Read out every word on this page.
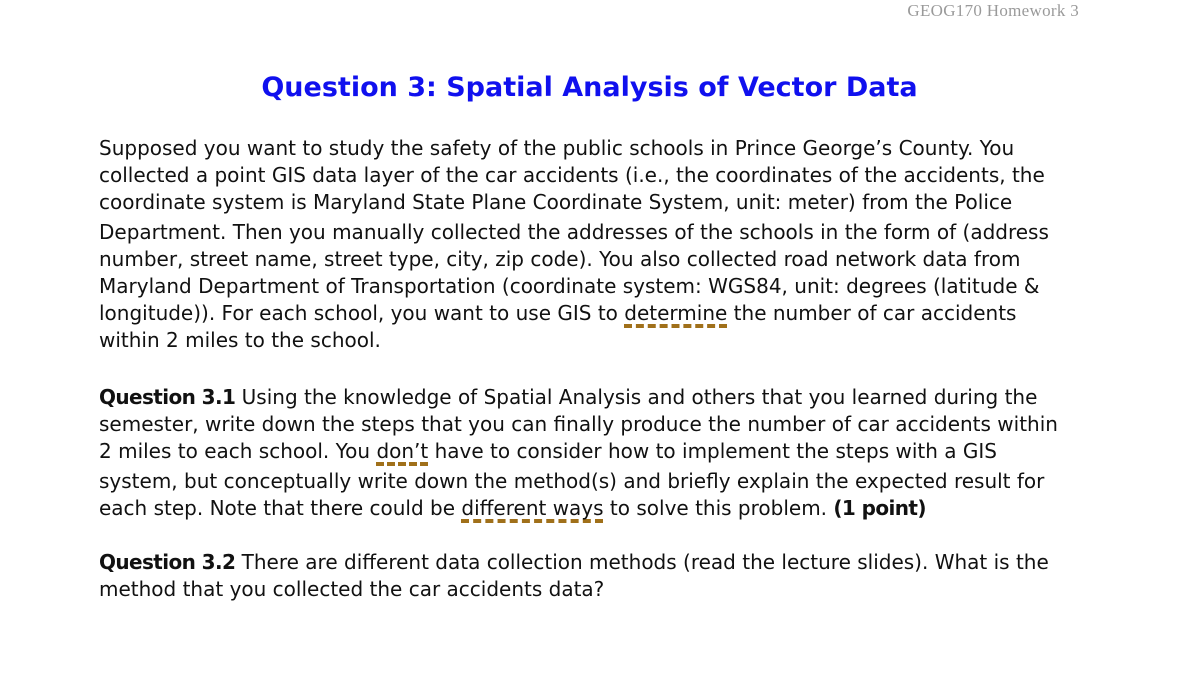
GEOG170 Homework 3
Question 3: Spatial Analysis of Vector Data
Supposed you want to study the safety of the public schools in Prince George’s County. You
collected a point GIS data layer of the car accidents (i.e., the coordinates of the accidents, the
coordinate system is Maryland State Plane Coordinate System, unit: meter) from the Police
Department. Then you manually collected the addresses of the schools in the form of (address
number, street name, street type, city, zip code). You also collected road network data from
Maryland Department of Transportation (coordinate system: WGS84, unit: degrees (latitude &
longitude)). For each school, you want to use GIS to determine the number of car accidents
within 2 miles to the school.
Question 3.1 Using the knowledge of Spatial Analysis and others that you learned during the
semester, write down the steps that you can finally produce the number of car accidents within
2 miles to each school. You don’t have to consider how to implement the steps with a GIS
system, but conceptually write down the method(s) and briefly explain the expected result for
each step. Note that there could be different ways to solve this problem. (1 point)
Question 3.2 There are different data collection methods (read the lecture slides). What is the
method that you collected the car accidents data?
